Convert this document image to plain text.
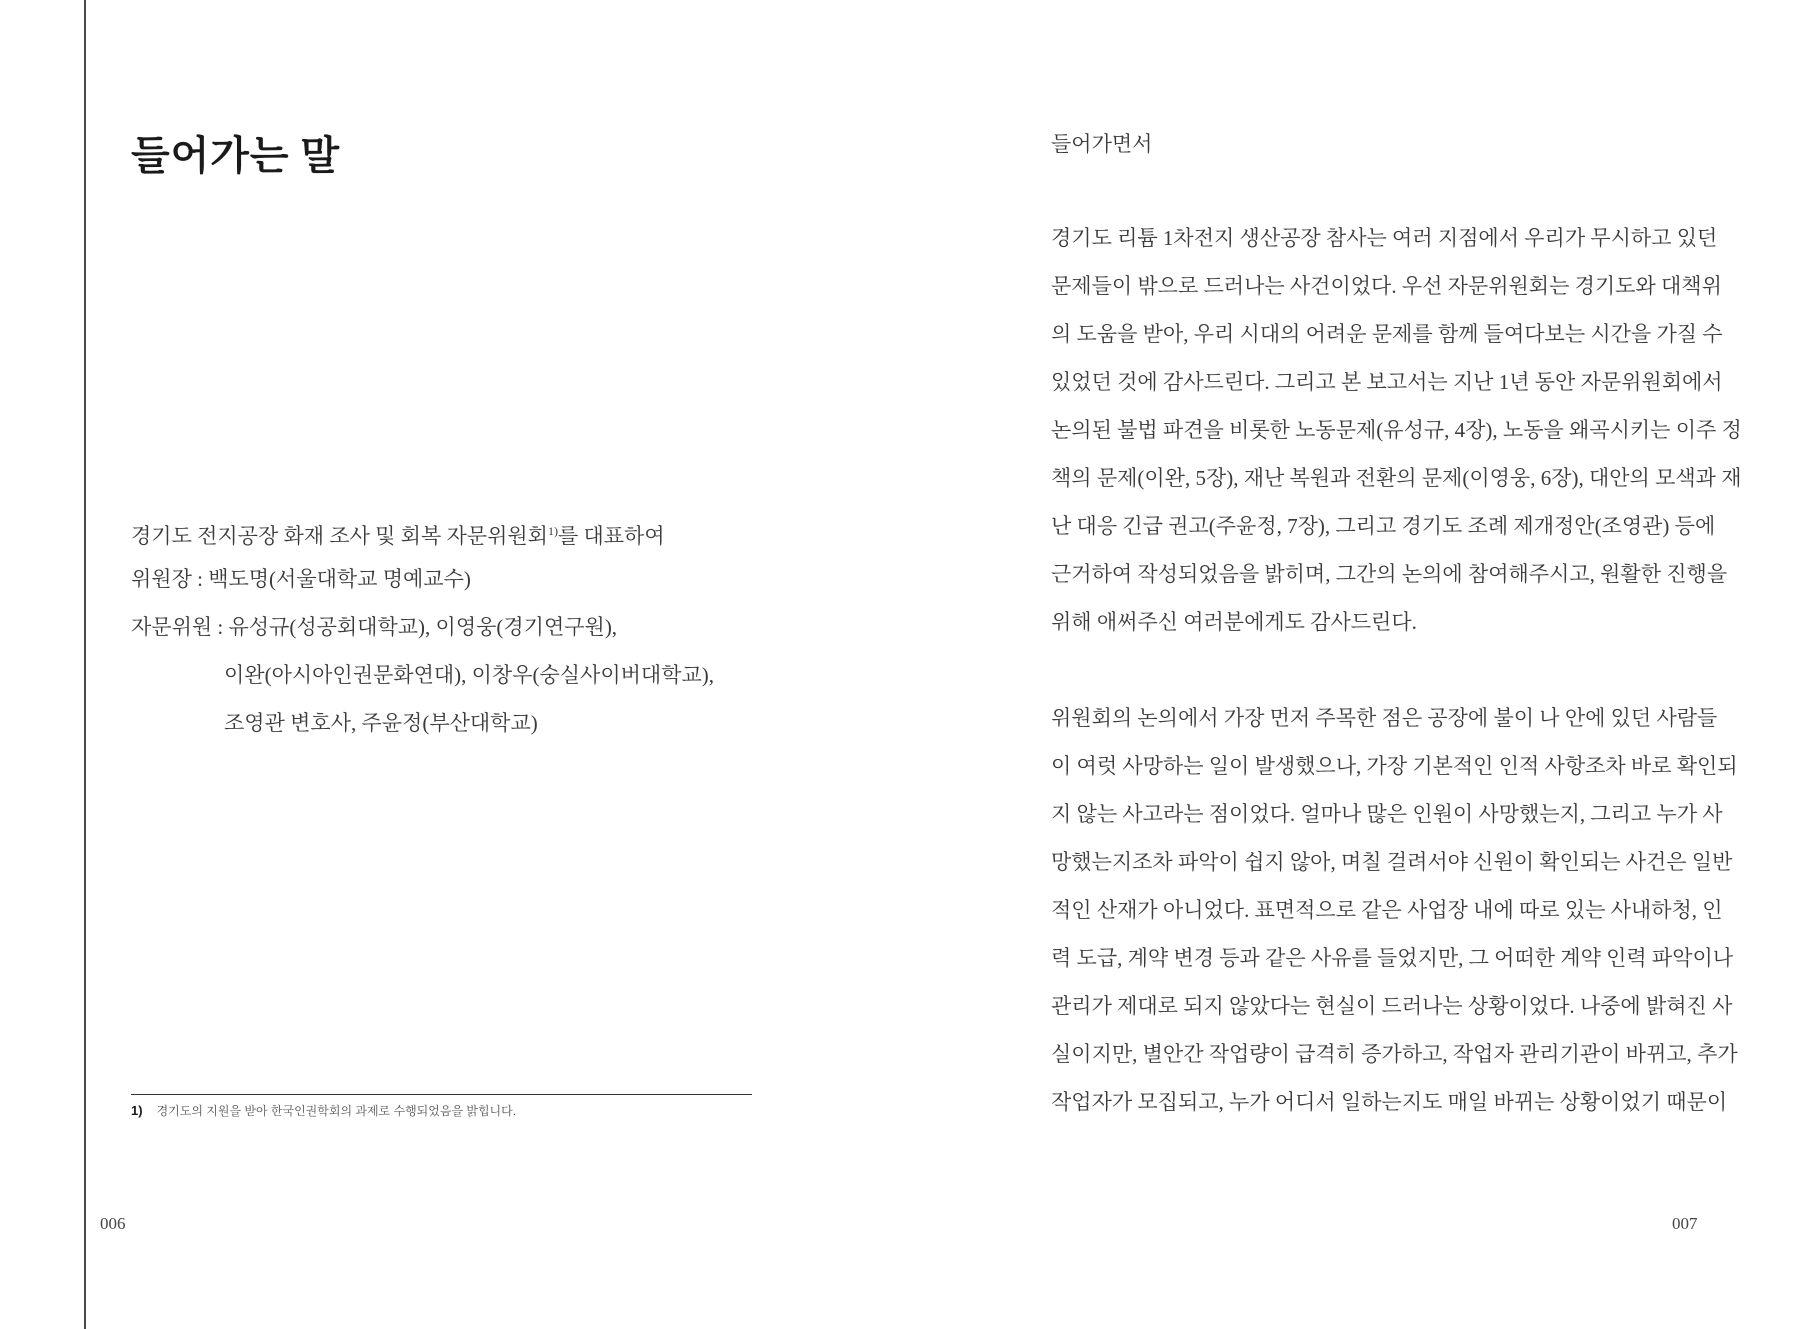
들어가는 말
경기도 전지공장 화재 조사 및 회복 자문위원회$^{1)}$를 대표하여
위원장 : 백도명(서울대학교 명예교수)
자문위원 : 유성규(성공회대학교), 이영웅(경기연구원),
이완(아시아인권문화연대), 이창우(숭실사이버대학교),
조영관 변호사, 주윤정(부산대학교)
1) 경기도의 지원을 받아 한국인권학회의 과제로 수행되었음을 밝힙니다.
006
들어가면서
경기도 리튬 1차전지 생산공장 참사는 여러 지점에서 우리가 무시하고 있던
문제들이 밖으로 드러나는 사건이었다. 우선 자문위원회는 경기도와 대책위
의 도움을 받아, 우리 시대의 어려운 문제를 함께 들여다보는 시간을 가질 수
있었던 것에 감사드린다. 그리고 본 보고서는 지난 1년 동안 자문위원회에서
논의된 불법 파견을 비롯한 노동문제(유성규, 4장), 노동을 왜곡시키는 이주 정
책의 문제(이완, 5장), 재난 복원과 전환의 문제(이영웅, 6장), 대안의 모색과 재
난 대응 긴급 권고(주윤정, 7장), 그리고 경기도 조례 제개정안(조영관) 등에
근거하여 작성되었음을 밝히며, 그간의 논의에 참여해주시고, 원활한 진행을
위해 애써주신 여러분에게도 감사드린다.
위원회의 논의에서 가장 먼저 주목한 점은 공장에 불이 나 안에 있던 사람들
이 여럿 사망하는 일이 발생했으나, 가장 기본적인 인적 사항조차 바로 확인되
지 않는 사고라는 점이었다. 얼마나 많은 인원이 사망했는지, 그리고 누가 사
망했는지조차 파악이 쉽지 않아, 며칠 걸려서야 신원이 확인되는 사건은 일반
적인 산재가 아니었다. 표면적으로 같은 사업장 내에 따로 있는 사내하청, 인
력 도급, 계약 변경 등과 같은 사유를 들었지만, 그 어떠한 계약 인력 파악이나
관리가 제대로 되지 않았다는 현실이 드러나는 상황이었다. 나중에 밝혀진 사
실이지만, 별안간 작업량이 급격히 증가하고, 작업자 관리기관이 바뀌고, 추가
작업자가 모집되고, 누가 어디서 일하는지도 매일 바뀌는 상황이었기 때문이
007
